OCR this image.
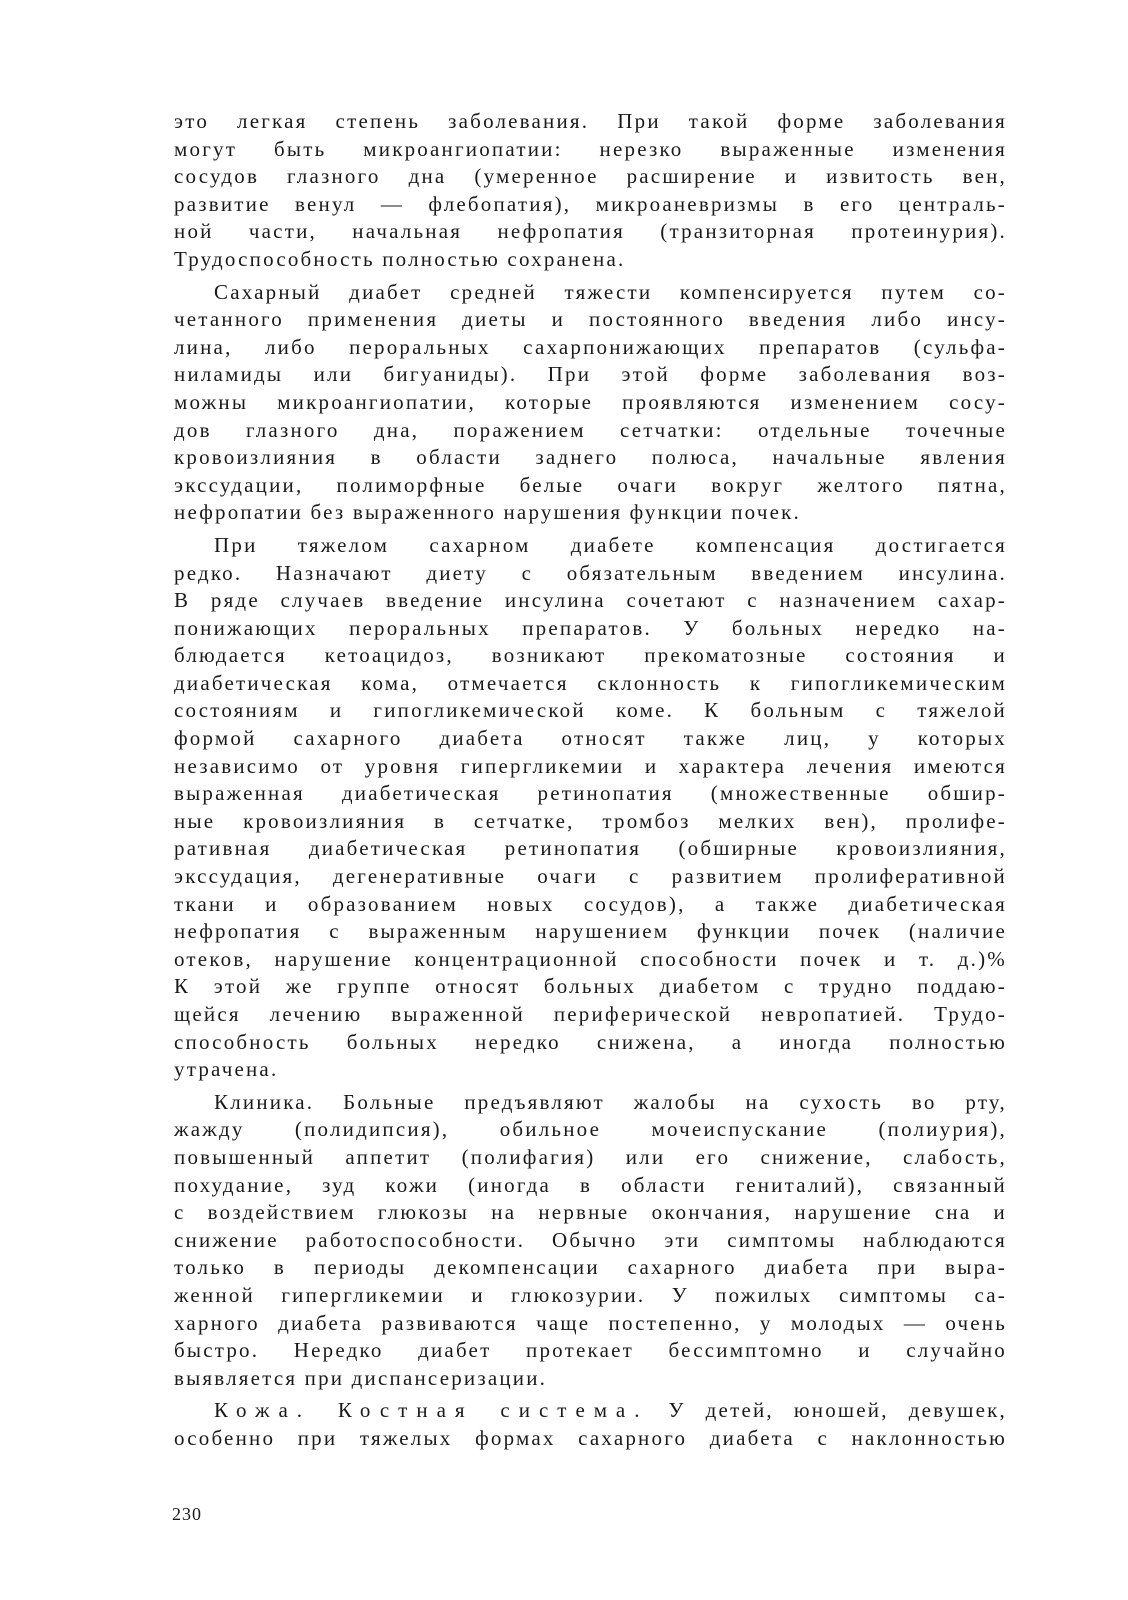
это легкая степень заболевания. При такой форме заболевания
могут быть микроангиопатии: нерезко выраженные изменения
сосудов глазного дна (умеренное расширение и извитость вен,
развитие венул — флебопатия), микроаневризмы в его централь-
ной части, начальная нефропатия (транзиторная протеинурия).
Трудоспособность полностью сохранена.
Сахарный диабет средней тяжести компенсируется путем со-
четанного применения диеты и постоянного введения либо инсу-
лина, либо пероральных сахарпонижающих препаратов (сульфа-
ниламиды или бигуаниды). При этой форме заболевания воз-
можны микроангиопатии, которые проявляются изменением сосу-
дов глазного дна, поражением сетчатки: отдельные точечные
кровоизлияния в области заднего полюса, начальные явления
экссудации, полиморфные белые очаги вокруг желтого пятна,
нефропатии без выраженного нарушения функции почек.
При тяжелом сахарном диабете компенсация достигается
редко. Назначают диету с обязательным введением инсулина.
В ряде случаев введение инсулина сочетают с назначением сахар-
понижающих пероральных препаратов. У больных нередко на-
блюдается кетоацидоз, возникают прекоматозные состояния и
диабетическая кома, отмечается склонность к гипогликемическим
состояниям и гипогликемической коме. К больным с тяжелой
формой сахарного диабета относят также лиц, у которых
независимо от уровня гипергликемии и характера лечения имеются
выраженная диабетическая ретинопатия (множественные обшир-
ные кровоизлияния в сетчатке, тромбоз мелких вен), пролифе-
ративная диабетическая ретинопатия (обширные кровоизлияния,
экссудация, дегенеративные очаги с развитием пролиферативной
ткани и образованием новых сосудов), а также диабетическая
нефропатия с выраженным нарушением функции почек (наличие
отеков, нарушение концентрационной способности почек и т. д.)%
К этой же группе относят больных диабетом с трудно поддаю-
щейся лечению выраженной периферической невропатией. Трудо-
способность больных нередко снижена, а иногда полностью
утрачена.
Клиника. Больные предъявляют жалобы на сухость во рту,
жажду (полидипсия), обильное мочеиспускание (полиурия),
повышенный аппетит (полифагия) или его снижение, слабость,
похудание, зуд кожи (иногда в области гениталий), связанный
с воздействием глюкозы на нервные окончания, нарушение сна и
снижение работоспособности. Обычно эти симптомы наблюдаются
только в периоды декомпенсации сахарного диабета при выра-
женной гипергликемии и глюкозурии. У пожилых симптомы са-
харного диабета развиваются чаще постепенно, у молодых — очень
быстро. Нередко диабет протекает бессимптомно и случайно
выявляется при диспансеризации.
Кожа. Костная система. У детей, юношей, девушек,
особенно при тяжелых формах сахарного диабета с наклонностью
230
